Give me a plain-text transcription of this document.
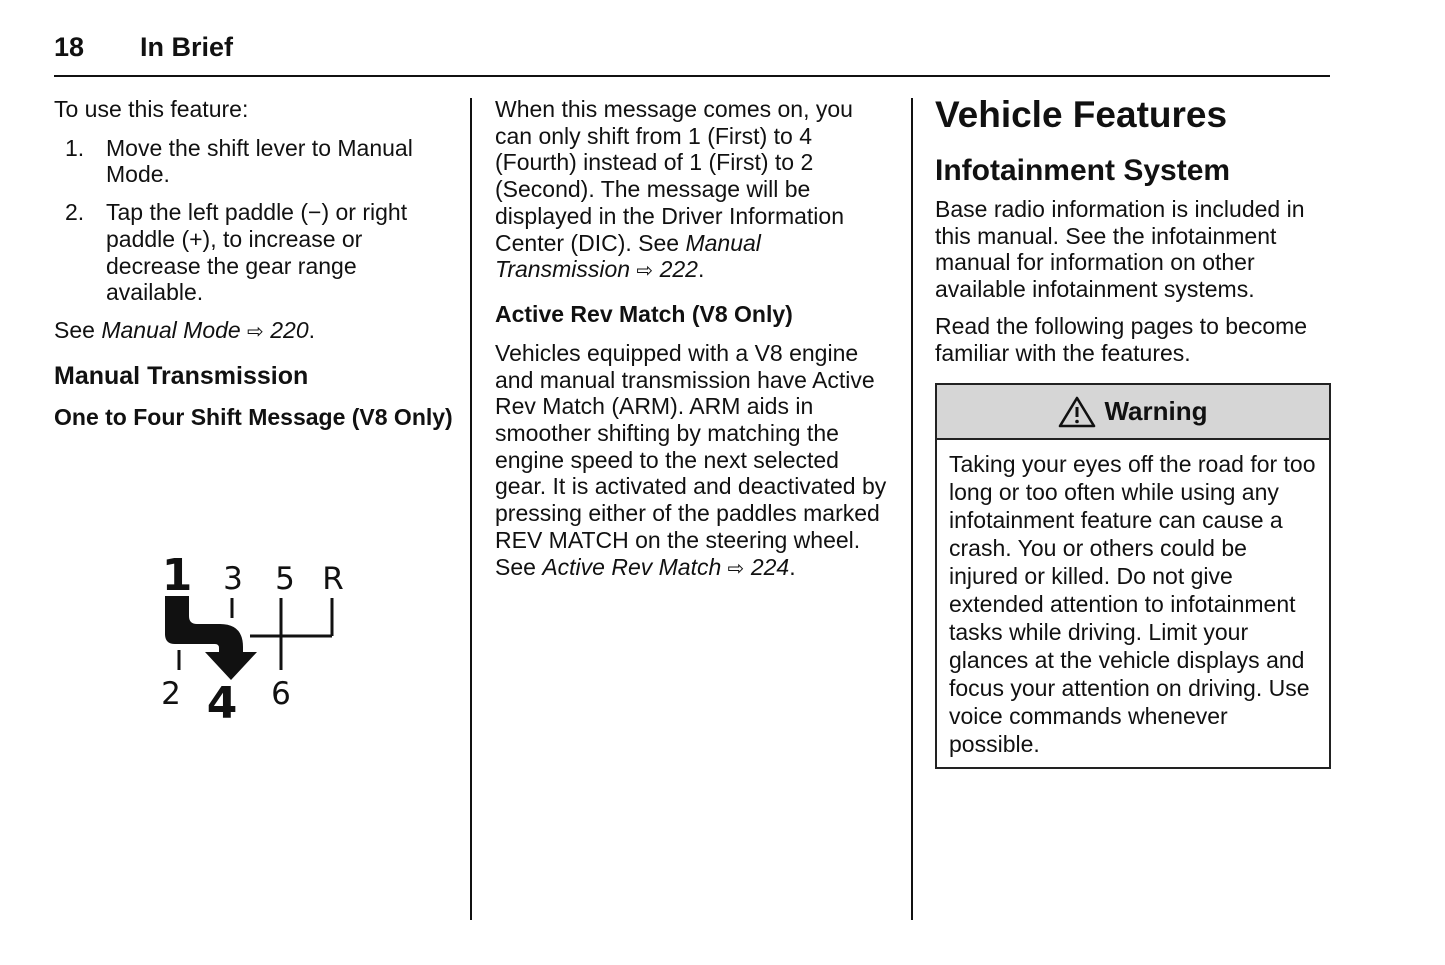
18 In Brief

To use this feature:

1. Move the shift lever to Manual Mode.
2. Tap the left paddle (−) or right paddle (+), to increase or decrease the gear range available.

See Manual Mode ⇨ 220.

Manual Transmission
One to Four Shift Message (V8 Only)
1 3 5 R
2 4 6

When this message comes on, you can only shift from 1 (First) to 4 (Fourth) instead of 1 (First) to 2 (Second). The message will be displayed in the Driver Information Center (DIC). See Manual Transmission ⇨ 222.

Active Rev Match (V8 Only)

Vehicles equipped with a V8 engine and manual transmission have Active Rev Match (ARM). ARM aids in smoother shifting by matching the engine speed to the next selected gear. It is activated and deactivated by pressing either of the paddles marked REV MATCH on the steering wheel. See Active Rev Match ⇨ 224.

Vehicle Features
Infotainment System

Base radio information is included in this manual. See the infotainment manual for information on other available infotainment systems.

Read the following pages to become familiar with the features.

Warning
Taking your eyes off the road for too long or too often while using any infotainment feature can cause a crash. You or others could be injured or killed. Do not give extended attention to infotainment tasks while driving. Limit your glances at the vehicle displays and focus your attention on driving. Use voice commands whenever possible.
